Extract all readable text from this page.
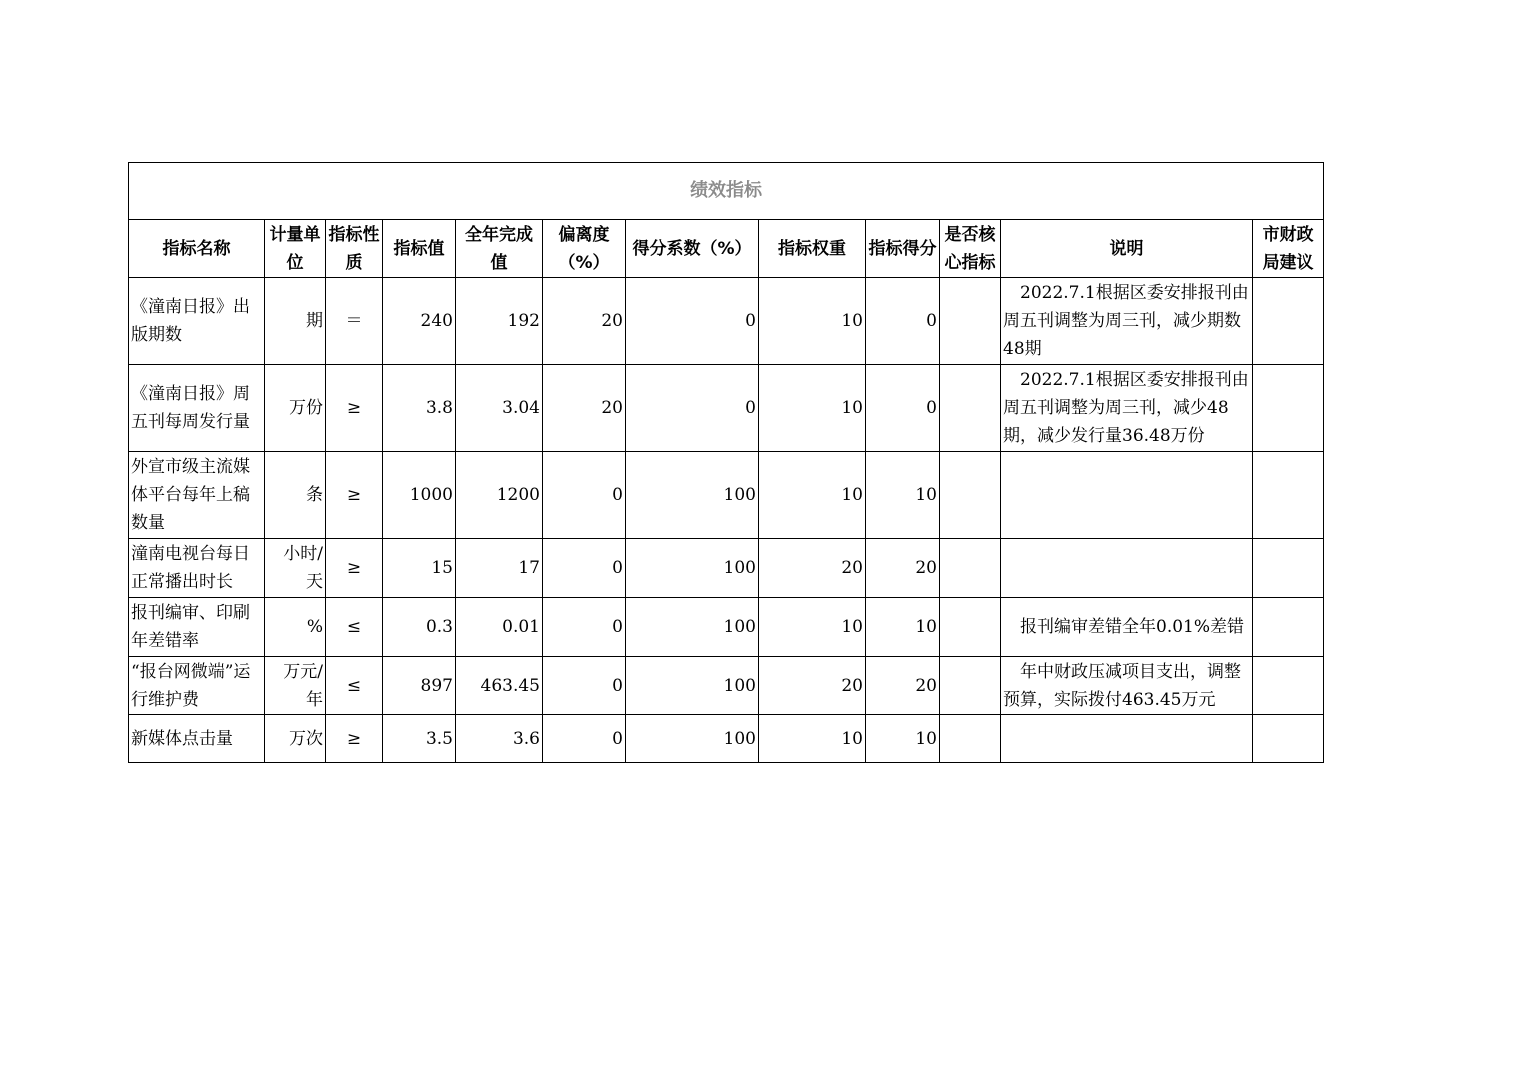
绩效指标											
指标名称	计量单位	指标性质	指标值	全年完成值	偏离度（%）	得分系数（%）	指标权重	指标得分	是否核心指标	说明	市财政局建议
《潼南日报》出版期数	期	＝	240	192	20	0	10	0		2022.7.1根据区委安排报刊由周五刊调整为周三刊，减少期数48期	
《潼南日报》周五刊每周发行量	万份	≥	3.8	3.04	20	0	10	0		2022.7.1根据区委安排报刊由周五刊调整为周三刊，减少48期，减少发行量36.48万份	
外宣市级主流媒体平台每年上稿数量	条	≥	1000	1200	0	100	10	10			
潼南电视台每日正常播出时长	小时/天	≥	15	17	0	100	20	20			
报刊编审、印刷年差错率	%	≤	0.3	0.01	0	100	10	10		报刊编审差错全年0.01%差错	
“报台网微端”运行维护费	万元/年	≤	897	463.45	0	100	20	20		年中财政压减项目支出，调整预算，实际拨付463.45万元	
新媒体点击量	万次	≥	3.5	3.6	0	100	10	10			
